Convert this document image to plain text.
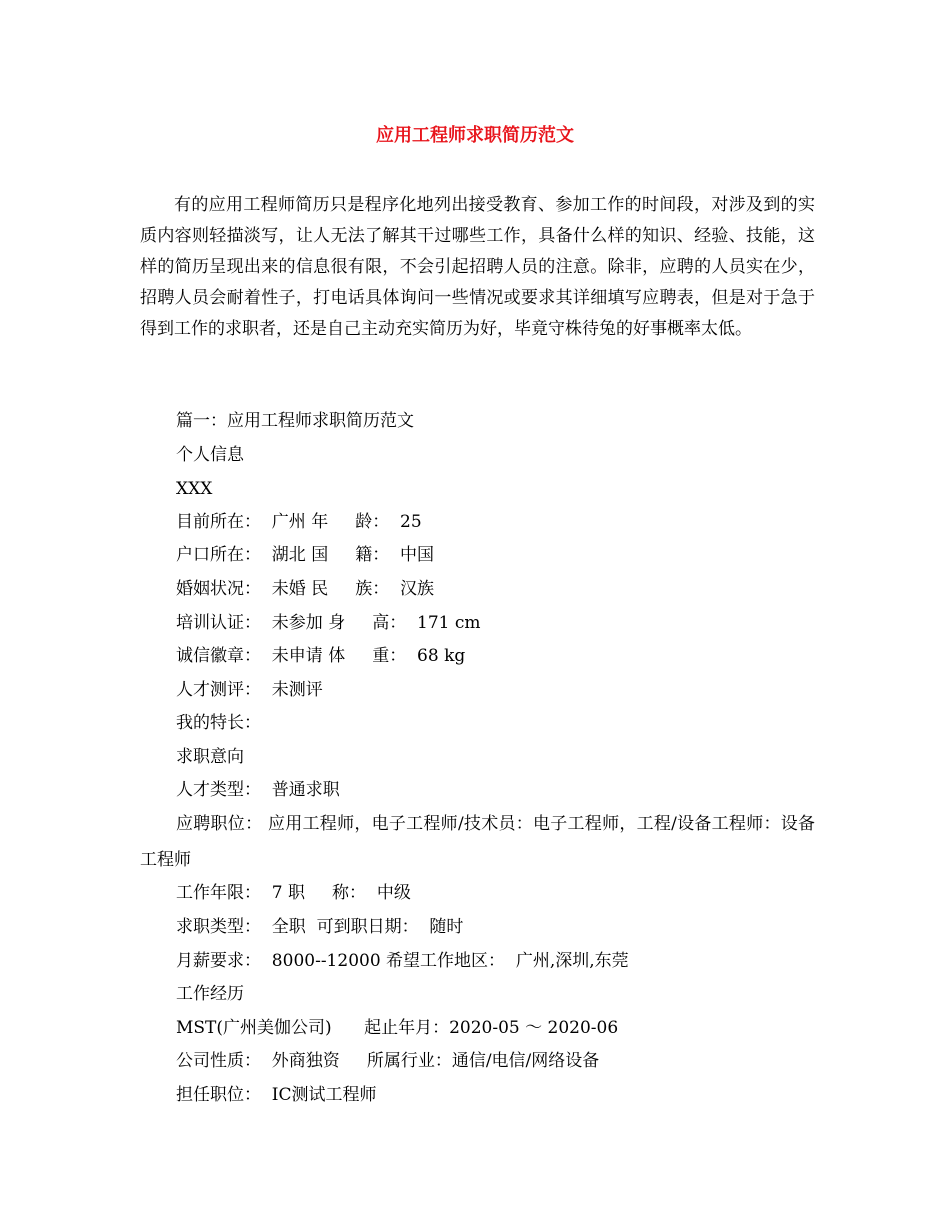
应用工程师求职简历范文

有的应用工程师简历只是程序化地列出接受教育、参加工作的时间段，对涉及到的实质内容则轻描淡写，让人无法了解其干过哪些工作，具备什么样的知识、经验、技能，这样的简历呈现出来的信息很有限，不会引起招聘人员的注意。除非，应聘的人员实在少，招聘人员会耐着性子，打电话具体询问一些情况或要求其详细填写应聘表，但是对于急于得到工作的求职者，还是自己主动充实简历为好，毕竟守株待兔的好事概率太低。

篇一：应用工程师求职简历范文

个人信息

XXX

目前所在：  广州 年     龄：  25

户口所在：  湖北 国     籍：  中国

婚姻状况：  未婚 民     族：  汉族

培训认证：  未参加 身     高：  171 cm

诚信徽章：  未申请 体     重：  68 kg

人才测评：  未测评

我的特长：

求职意向

人才类型：  普通求职

应聘职位： 应用工程师，电子工程师/技术员：电子工程师，工程/设备工程师：设备工程师

工作年限：  7 职     称：  中级

求职类型：  全职  可到职日期：  随时

月薪要求：  8000--12000 希望工作地区：  广州,深圳,东莞

工作经历

MST(广州美伽公司)      起止年月：2020-05 ～ 2020-06

公司性质：  外商独资     所属行业：通信/电信/网络设备

担任职位：  IC测试工程师
